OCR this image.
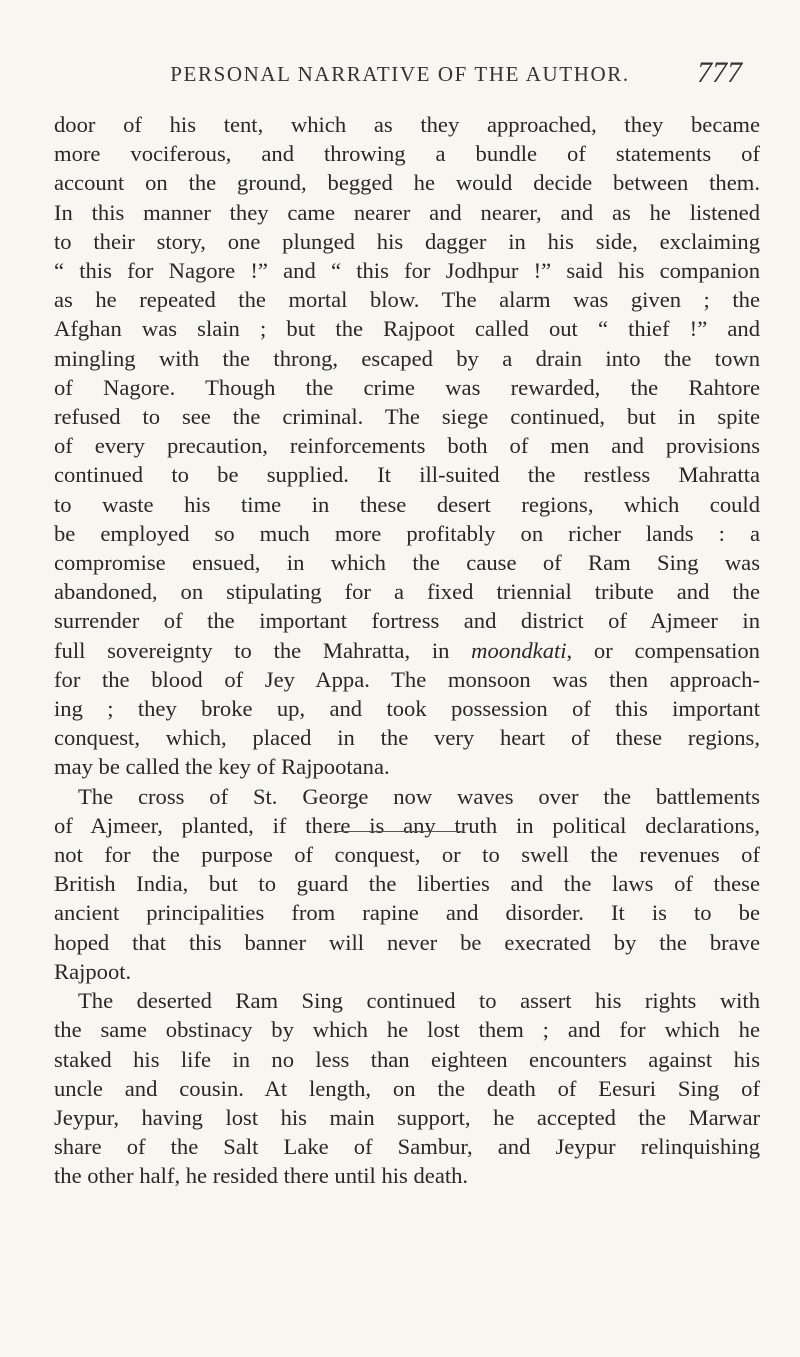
PERSONAL NARRATIVE OF THE AUTHOR.	777
door of his tent, which as they approached, they became
more vociferous, and throwing a bundle of statements of
account on the ground, begged he would decide between them.
In this manner they came nearer and nearer, and as he listened
to their story, one plunged his dagger in his side, exclaiming
“ this for Nagore !” and “ this for Jodhpur !” said his companion
as he repeated the mortal blow. The alarm was given ; the
Afghan was slain ; but the Rajpoot called out “ thief !” and
mingling with the throng, escaped by a drain into the town
of Nagore. Though the crime was rewarded, the Rahtore
refused to see the criminal. The siege continued, but in spite
of every precaution, reinforcements both of men and provisions
continued to be supplied. It ill-suited the restless Mahratta
to waste his time in these desert regions, which could
be employed so much more profitably on richer lands : a
compromise ensued, in which the cause of Ram Sing was
abandoned, on stipulating for a fixed triennial tribute and the
surrender of the important fortress and district of Ajmeer in
full sovereignty to the Mahratta, in moondkati, or compensation
for the blood of Jey Appa. The monsoon was then approach-
ing ; they broke up, and took possession of this important
conquest, which, placed in the very heart of these regions,
may be called the key of Rajpootana.
The cross of St. George now waves over the battlements
of Ajmeer, planted, if there is any truth in political declarations,
not for the purpose of conquest, or to swell the revenues of
British India, but to guard the liberties and the laws of these
ancient principalities from rapine and disorder. It is to be
hoped that this banner will never be execrated by the brave
Rajpoot.
The deserted Ram Sing continued to assert his rights with
the same obstinacy by which he lost them ; and for which he
staked his life in no less than eighteen encounters against his
uncle and cousin. At length, on the death of Eesuri Sing of
Jeypur, having lost his main support, he accepted the Marwar
share of the Salt Lake of Sambur, and Jeypur relinquishing
the other half, he resided there until his death.
